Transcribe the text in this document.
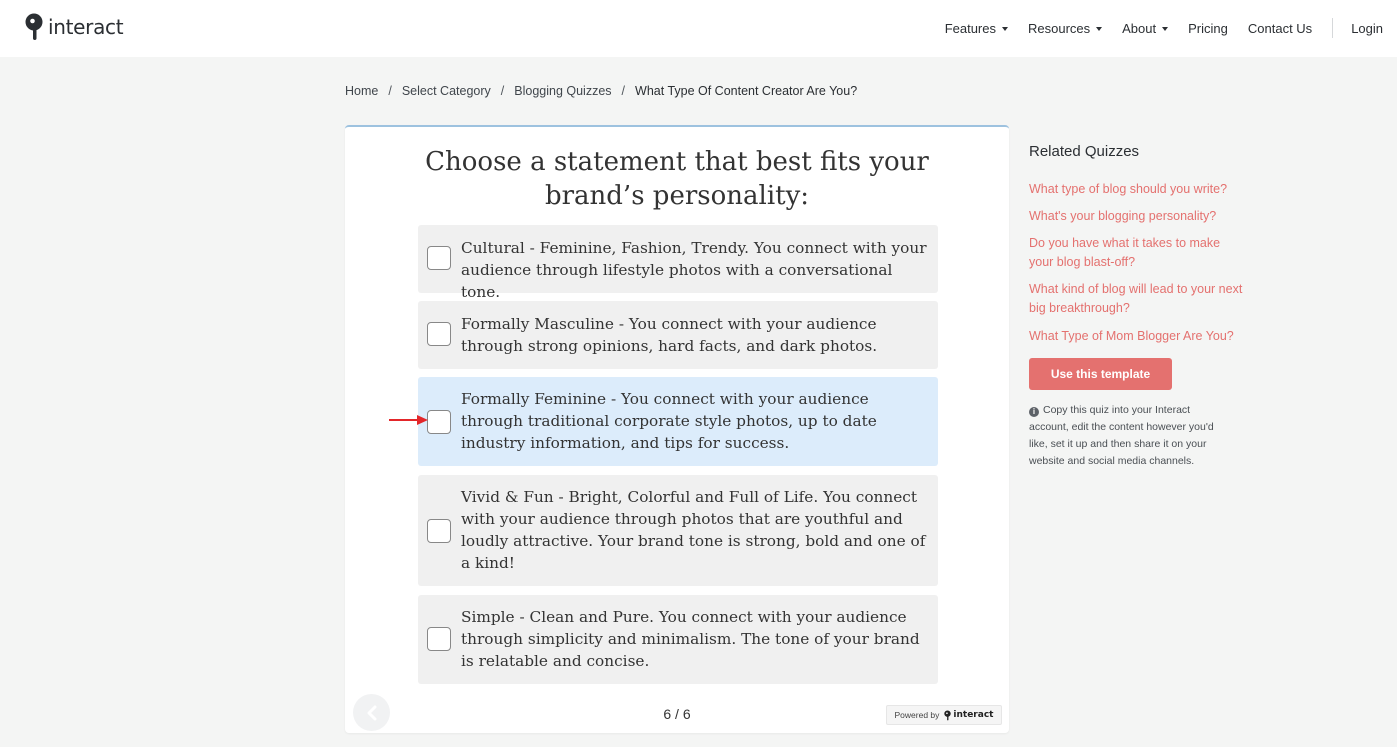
interact	Features Resources About Pricing Contact Us	Login
Home / Select Category / Blogging Quizzes / What Type Of Content Creator Are You?
Choose a statement that best fits your
brand’s personality:
Cultural - Feminine, Fashion, Trendy. You connect with your audience through lifestyle photos with a conversational tone.
Formally Masculine - You connect with your audience through strong opinions, hard facts, and dark photos.
Formally Feminine - You connect with your audience through traditional corporate style photos, up to date industry information, and tips for success.
Vivid & Fun - Bright, Colorful and Full of Life. You connect with your audience through photos that are youthful and loudly attractive. Your brand tone is strong, bold and one of a kind!
Simple - Clean and Pure. You connect with your audience through simplicity and minimalism. The tone of your brand is relatable and concise.
6 / 6	Powered by interact
Related Quizzes
What type of blog should you write?
What's your blogging personality?
Do you have what it takes to make your blog blast-off?
What kind of blog will lead to your next big breakthrough?
What Type of Mom Blogger Are You?
Use this template
i Copy this quiz into your Interact account, edit the content however you'd like, set it up and then share it on your website and social media channels.
